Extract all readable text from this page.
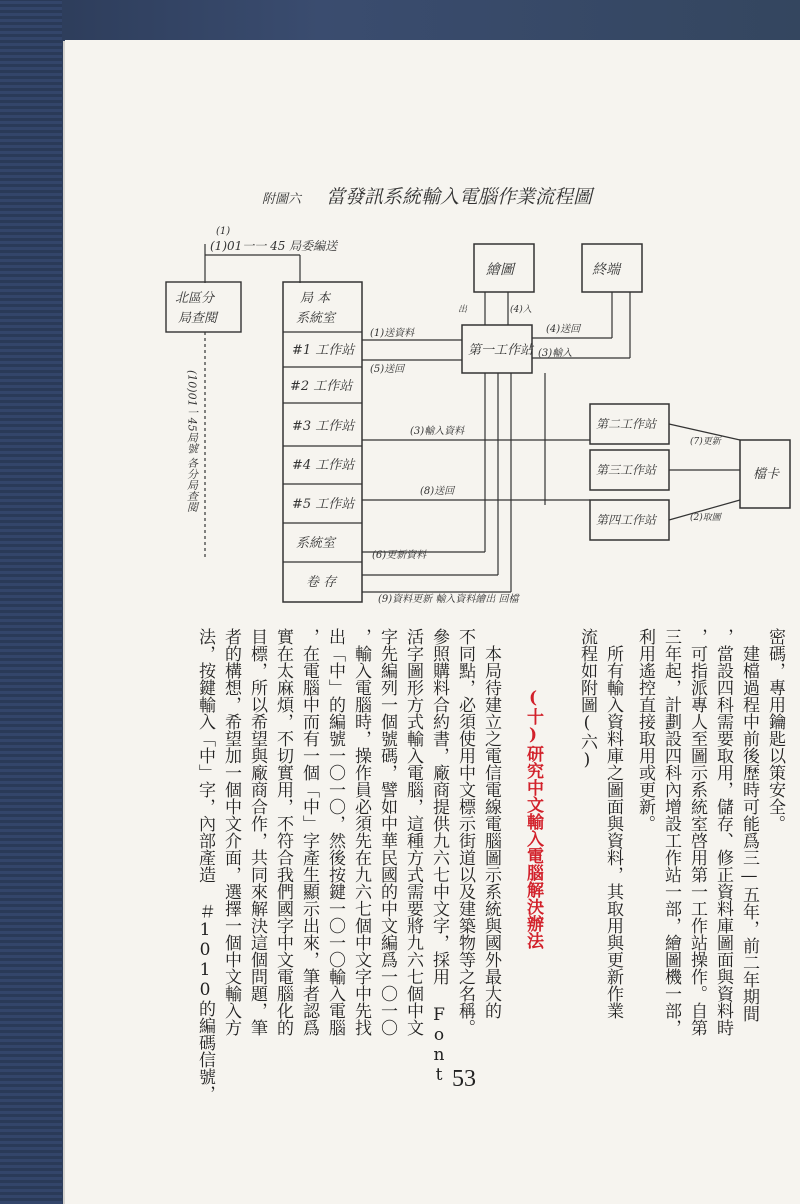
附圖六 當發訊系統輸入電腦作業流程圖
(1)
(1)01一一 45 局委編送
北區分
局查閱
(10)01一45局號 各分局查閱
局 本
系統室
#1 工作站
#2 工作站
#3 工作站
#4 工作站
#5 工作站
系統室
卷 存
第一工作站
繪圖	終端
出	(4)入
(4)送回
(3)輸入
(1)送資料
(5)送回
(3)輸入資料
(8)送回
(6)更新資料
(9)資料更新 輸入資料繪出 回檔
第二工作站
第三工作站
第四工作站
檔卡
(7)更新
(2)取圖
密碼，專用鑰匙以策安全。
　建檔過程中前後歷時可能爲三—五年，前二年期間
，當設四科需要取用，儲存、修正資料庫圖面與資料時
，可指派專人至圖示系統室啓用第一工作站操作。自第
三年起，計劃設四科內增設工作站一部，繪圖機一部，
利用遙控直接取用或更新。
　所有輸入資料庫之圖面與資料，其取用與更新作業
流程如附圖(六)
(十)研究中文輸入電腦解決辦法
　本局待建立之電信電線電腦圖示系統與國外最大的
不同點，必須使用中文標示街道以及建築物等之名稱。
參照購料合約書，廠商提供九六七中文字，採用 Font
活字圖形方式輸入電腦，這種方式需要將九六七個中文
字先編列一個號碼，譬如中華民國的中文編爲一〇一〇
，輸入電腦時，操作員必須先在九六七個中文字中先找
出「中」的編號一〇一〇，然後按鍵一〇一〇輸入電腦
，在電腦中而有一個「中」字產生顯示出來，筆者認爲
實在太麻煩，不切實用，不符合我們國字中文電腦化的
目標，所以希望與廠商合作，共同來解決這個問題，筆
者的構想，希望加一個中文介面，選擇一個中文輸入方
法，按鍵輸入「中」字，內部產造 ＃1010的編碼信號，	53
